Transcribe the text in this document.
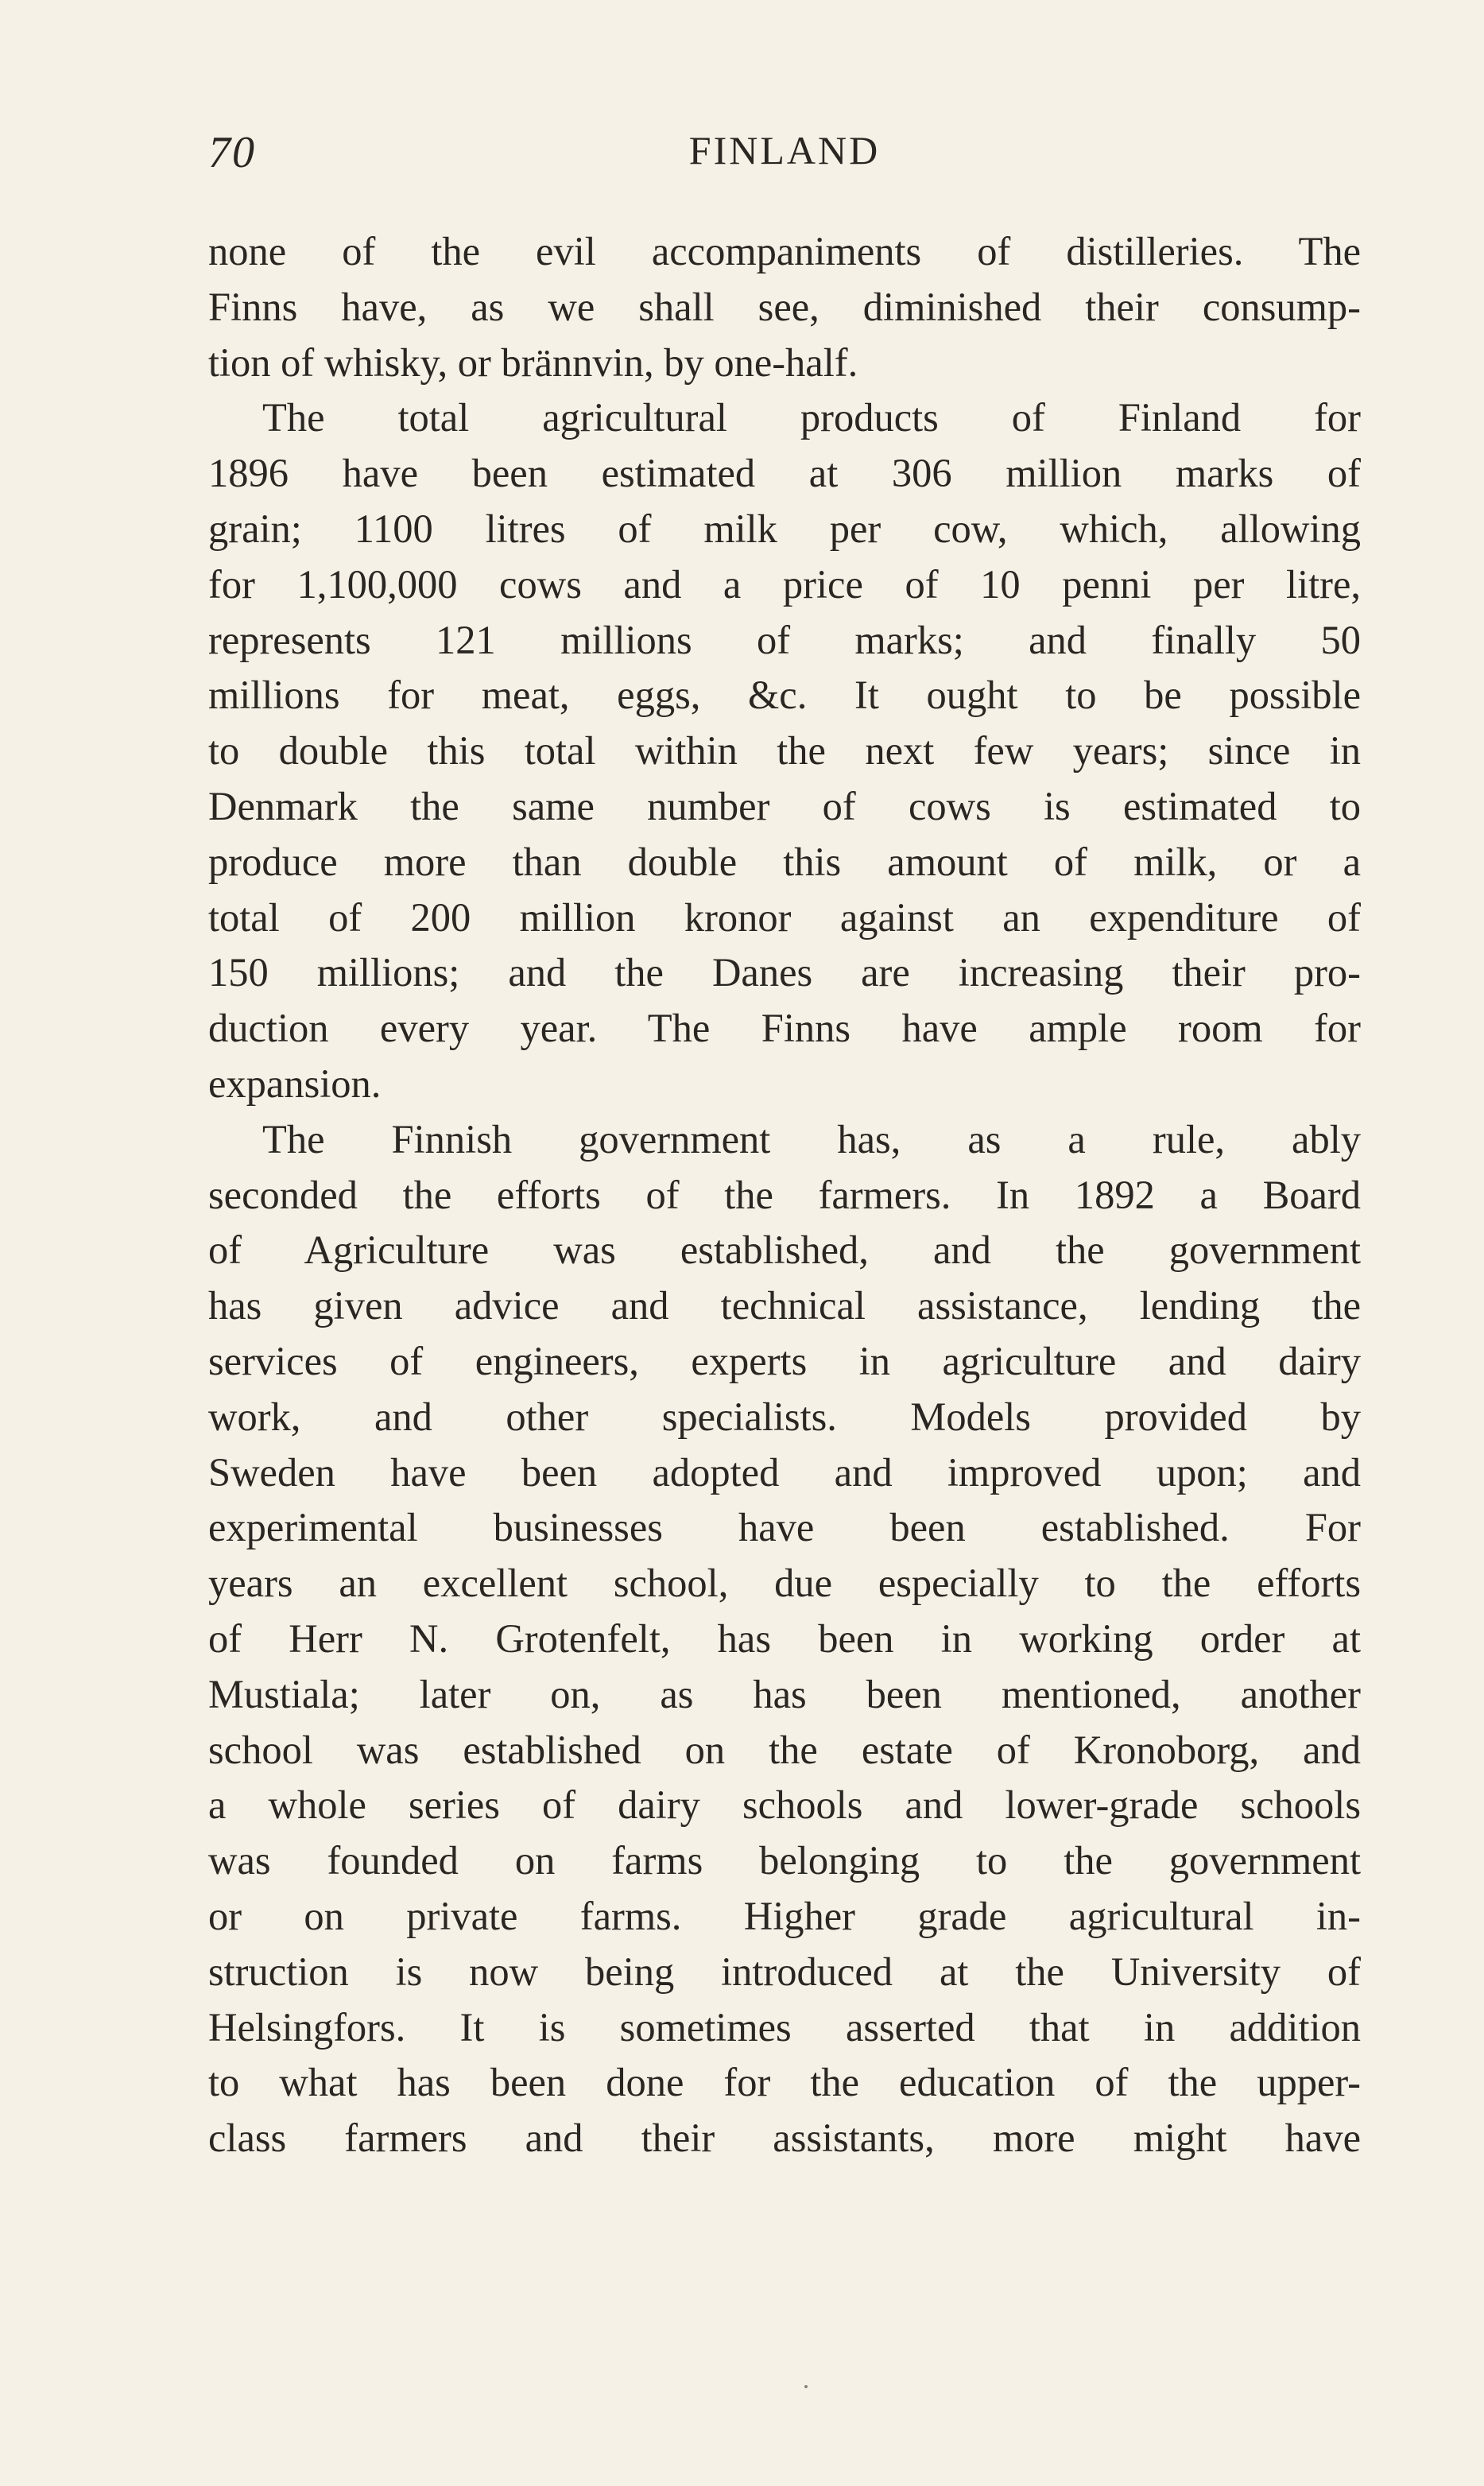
70	FINLAND
none of the evil accompaniments of distilleries. The
Finns have, as we shall see, diminished their consump-
tion of whisky, or brännvin, by one-half.
The total agricultural products of Finland for
1896 have been estimated at 306 million marks of
grain; 1100 litres of milk per cow, which, allowing
for 1,100,000 cows and a price of 10 penni per litre,
represents 121 millions of marks; and finally 50
millions for meat, eggs, &c. It ought to be possible
to double this total within the next few years; since in
Denmark the same number of cows is estimated to
produce more than double this amount of milk, or a
total of 200 million kronor against an expenditure of
150 millions; and the Danes are increasing their pro-
duction every year. The Finns have ample room for
expansion.
The Finnish government has, as a rule, ably
seconded the efforts of the farmers. In 1892 a Board
of Agriculture was established, and the government
has given advice and technical assistance, lending the
services of engineers, experts in agriculture and dairy
work, and other specialists. Models provided by
Sweden have been adopted and improved upon; and
experimental businesses have been established. For
years an excellent school, due especially to the efforts
of Herr N. Grotenfelt, has been in working order at
Mustiala; later on, as has been mentioned, another
school was established on the estate of Kronoborg, and
a whole series of dairy schools and lower-grade schools
was founded on farms belonging to the government
or on private farms. Higher grade agricultural in-
struction is now being introduced at the University of
Helsingfors. It is sometimes asserted that in addition
to what has been done for the education of the upper-
class farmers and their assistants, more might have
